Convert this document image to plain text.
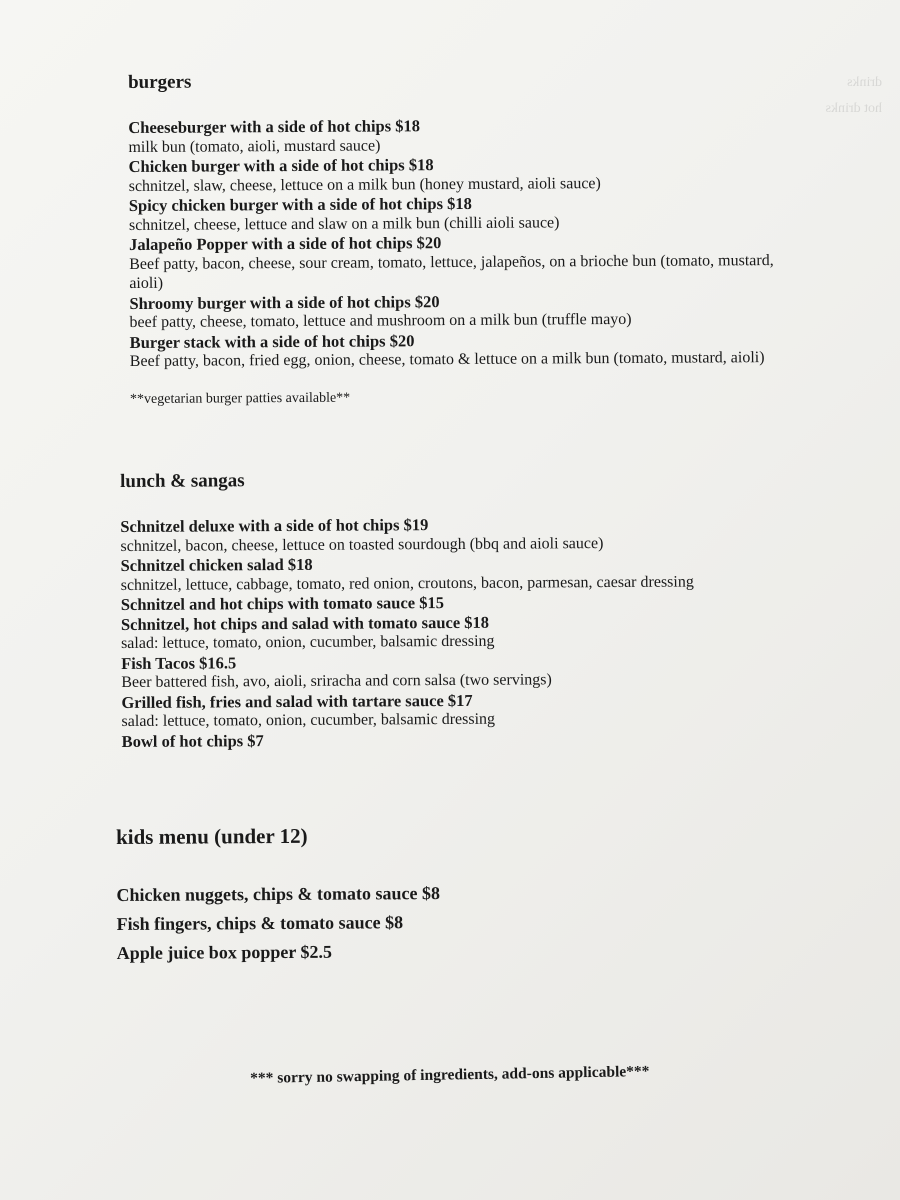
drinks
hot drinks
burgers
Cheeseburger with a side of hot chips $18
milk bun (tomato, aioli, mustard sauce)
Chicken burger with a side of hot chips $18
schnitzel, slaw, cheese, lettuce on a milk bun (honey mustard, aioli sauce)
Spicy chicken burger with a side of hot chips $18
schnitzel, cheese, lettuce and slaw on a milk bun (chilli aioli sauce)
Jalapeño Popper with a side of hot chips $20
Beef patty, bacon, cheese, sour cream, tomato, lettuce, jalapeños, on a brioche bun (tomato, mustard, aioli)
Shroomy burger with a side of hot chips $20
beef patty, cheese, tomato, lettuce and mushroom on a milk bun (truffle mayo)
Burger stack with a side of hot chips $20
Beef patty, bacon, fried egg, onion, cheese, tomato & lettuce on a milk bun (tomato, mustard, aioli)
**vegetarian burger patties available**
lunch & sangas
Schnitzel deluxe with a side of hot chips $19
schnitzel, bacon, cheese, lettuce on toasted sourdough (bbq and aioli sauce)
Schnitzel chicken salad $18
schnitzel, lettuce, cabbage, tomato, red onion, croutons, bacon, parmesan, caesar dressing
Schnitzel and hot chips with tomato sauce $15
Schnitzel, hot chips and salad with tomato sauce $18
salad: lettuce, tomato, onion, cucumber, balsamic dressing
Fish Tacos $16.5
Beer battered fish, avo, aioli, sriracha and corn salsa (two servings)
Grilled fish, fries and salad with tartare sauce $17
salad: lettuce, tomato, onion, cucumber, balsamic dressing
Bowl of hot chips $7
kids menu (under 12)
Chicken nuggets, chips & tomato sauce $8
Fish fingers, chips & tomato sauce $8
Apple juice box popper $2.5
*** sorry no swapping of ingredients, add-ons applicable***
